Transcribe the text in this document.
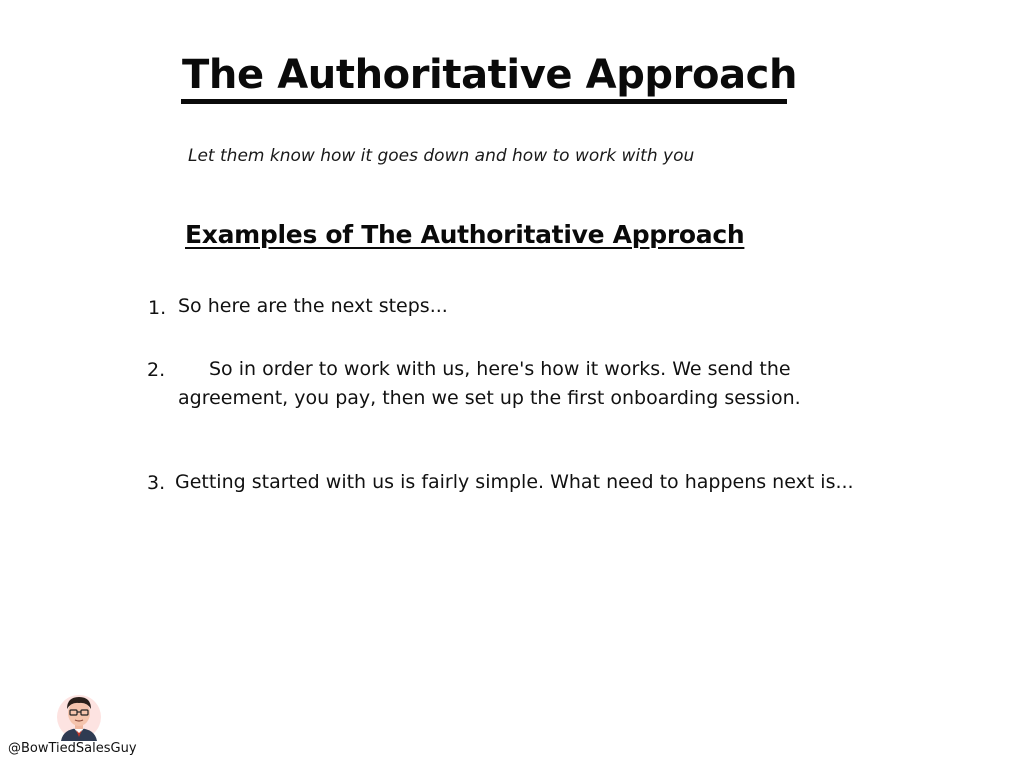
The Authoritative Approach
Let them know how it goes down and how to work with you
Examples of The Authoritative Approach
1. So here are the next steps...
2.	So in order to work with us, here's how it works. We send the agreement, you pay, then we set up the first onboarding session.
3. Getting started with us is fairly simple. What need to happens next is...
@BowTiedSalesGuy
